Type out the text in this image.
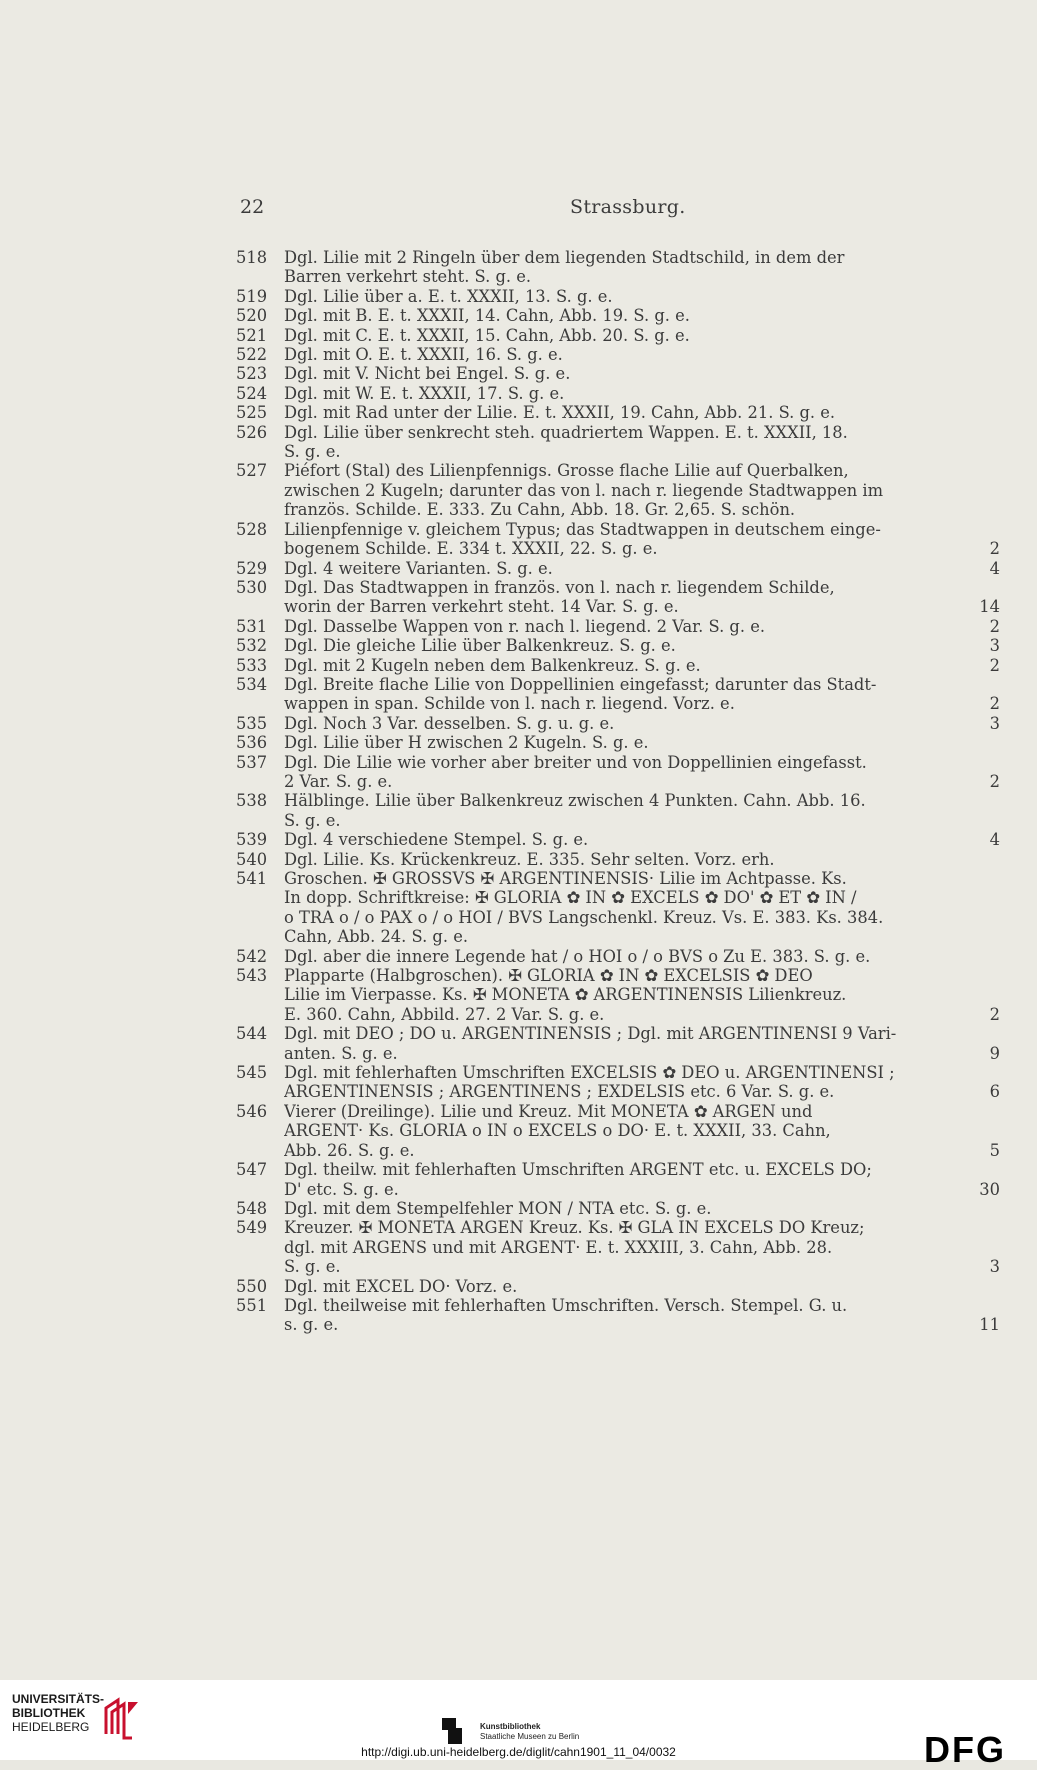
22	Strassburg.
518	Dgl. Lilie mit 2 Ringeln über dem liegenden Stadtschild, in dem der
Barren verkehrt steht. S. g. e.
519	Dgl. Lilie über a. E. t. XXXII, 13. S. g. e.
520	Dgl. mit B. E. t. XXXII, 14. Cahn, Abb. 19. S. g. e.
521	Dgl. mit C. E. t. XXXII, 15. Cahn, Abb. 20. S. g. e.
522	Dgl. mit O. E. t. XXXII, 16. S. g. e.
523	Dgl. mit V. Nicht bei Engel. S. g. e.
524	Dgl. mit W. E. t. XXXII, 17. S. g. e.
525	Dgl. mit Rad unter der Lilie. E. t. XXXII, 19. Cahn, Abb. 21. S. g. e.
526	Dgl. Lilie über senkrecht steh. quadriertem Wappen. E. t. XXXII, 18.
S. g. e.
527	Piéfort (Stal) des Lilienpfennigs. Grosse flache Lilie auf Querbalken,
zwischen 2 Kugeln; darunter das von l. nach r. liegende Stadtwappen im
französ. Schilde. E. 333. Zu Cahn, Abb. 18. Gr. 2,65. S. schön.
528	Lilienpfennige v. gleichem Typus; das Stadtwappen in deutschem einge-
bogenem Schilde. E. 334 t. XXXII, 22. S. g. e.	2
529	Dgl. 4 weitere Varianten. S. g. e.	4
530	Dgl. Das Stadtwappen in französ. von l. nach r. liegendem Schilde,
worin der Barren verkehrt steht. 14 Var. S. g. e.	14
531	Dgl. Dasselbe Wappen von r. nach l. liegend. 2 Var. S. g. e.	2
532	Dgl. Die gleiche Lilie über Balkenkreuz. S. g. e.	3
533	Dgl. mit 2 Kugeln neben dem Balkenkreuz. S. g. e.	2
534	Dgl. Breite flache Lilie von Doppellinien eingefasst; darunter das Stadt-
wappen in span. Schilde von l. nach r. liegend. Vorz. e.	2
535	Dgl. Noch 3 Var. desselben. S. g. u. g. e.	3
536	Dgl. Lilie über H zwischen 2 Kugeln. S. g. e.
537	Dgl. Die Lilie wie vorher aber breiter und von Doppellinien eingefasst.
2 Var. S. g. e.	2
538	Hälblinge. Lilie über Balkenkreuz zwischen 4 Punkten. Cahn. Abb. 16.
S. g. e.
539	Dgl. 4 verschiedene Stempel. S. g. e.	4
540	Dgl. Lilie. Ks. Krückenkreuz. E. 335. Sehr selten. Vorz. erh.
541	Groschen. ✠ GROSSVS ✠ ARGENTINENSIS· Lilie im Achtpasse. Ks.
In dopp. Schriftkreise: ✠ GLORIA ✿ IN ✿ EXCELS ✿ DO' ✿ ET ✿ IN /
o TRA o / o PAX o / o HOI / BVS Langschenkl. Kreuz. Vs. E. 383. Ks. 384.
Cahn, Abb. 24. S. g. e.
542	Dgl. aber die innere Legende hat / o HOI o / o BVS o Zu E. 383. S. g. e.
543	Plapparte (Halbgroschen). ✠ GLORIA ✿ IN ✿ EXCELSIS ✿ DEO
Lilie im Vierpasse. Ks. ✠ MONETA ✿ ARGENTINENSIS Lilienkreuz.
E. 360. Cahn, Abbild. 27. 2 Var. S. g. e.	2
544	Dgl. mit DEO ; DO u. ARGENTINENSIS ; Dgl. mit ARGENTINENSI 9 Vari-
anten. S. g. e.	9
545	Dgl. mit fehlerhaften Umschriften EXCELSIS ✿ DEO u. ARGENTINENSI ;
ARGENTINENSIS ; ARGENTINENS ; EXDELSIS etc. 6 Var. S. g. e.	6
546	Vierer (Dreilinge). Lilie und Kreuz. Mit MONETA ✿ ARGEN und
ARGENT· Ks. GLORIA o IN o EXCELS o DO· E. t. XXXII, 33. Cahn,
Abb. 26. S. g. e.	5
547	Dgl. theilw. mit fehlerhaften Umschriften ARGENT etc. u. EXCELS DO;
D' etc. S. g. e.	30
548	Dgl. mit dem Stempelfehler MON / NTA etc. S. g. e.
549	Kreuzer. ✠ MONETA ARGEN Kreuz. Ks. ✠ GLA IN EXCELS DO Kreuz;
dgl. mit ARGENS und mit ARGENT· E. t. XXXIII, 3. Cahn, Abb. 28.
S. g. e.	3
550	Dgl. mit EXCEL DO· Vorz. e.
551	Dgl. theilweise mit fehlerhaften Umschriften. Versch. Stempel. G. u.
s. g. e.	11
UNIVERSITÄTS-
BIBLIOTHEK
HEIDELBERG	Kunstbibliothek
Staatliche Museen zu Berlin	DFG
http://digi.ub.uni-heidelberg.de/diglit/cahn1901_11_04/0032
